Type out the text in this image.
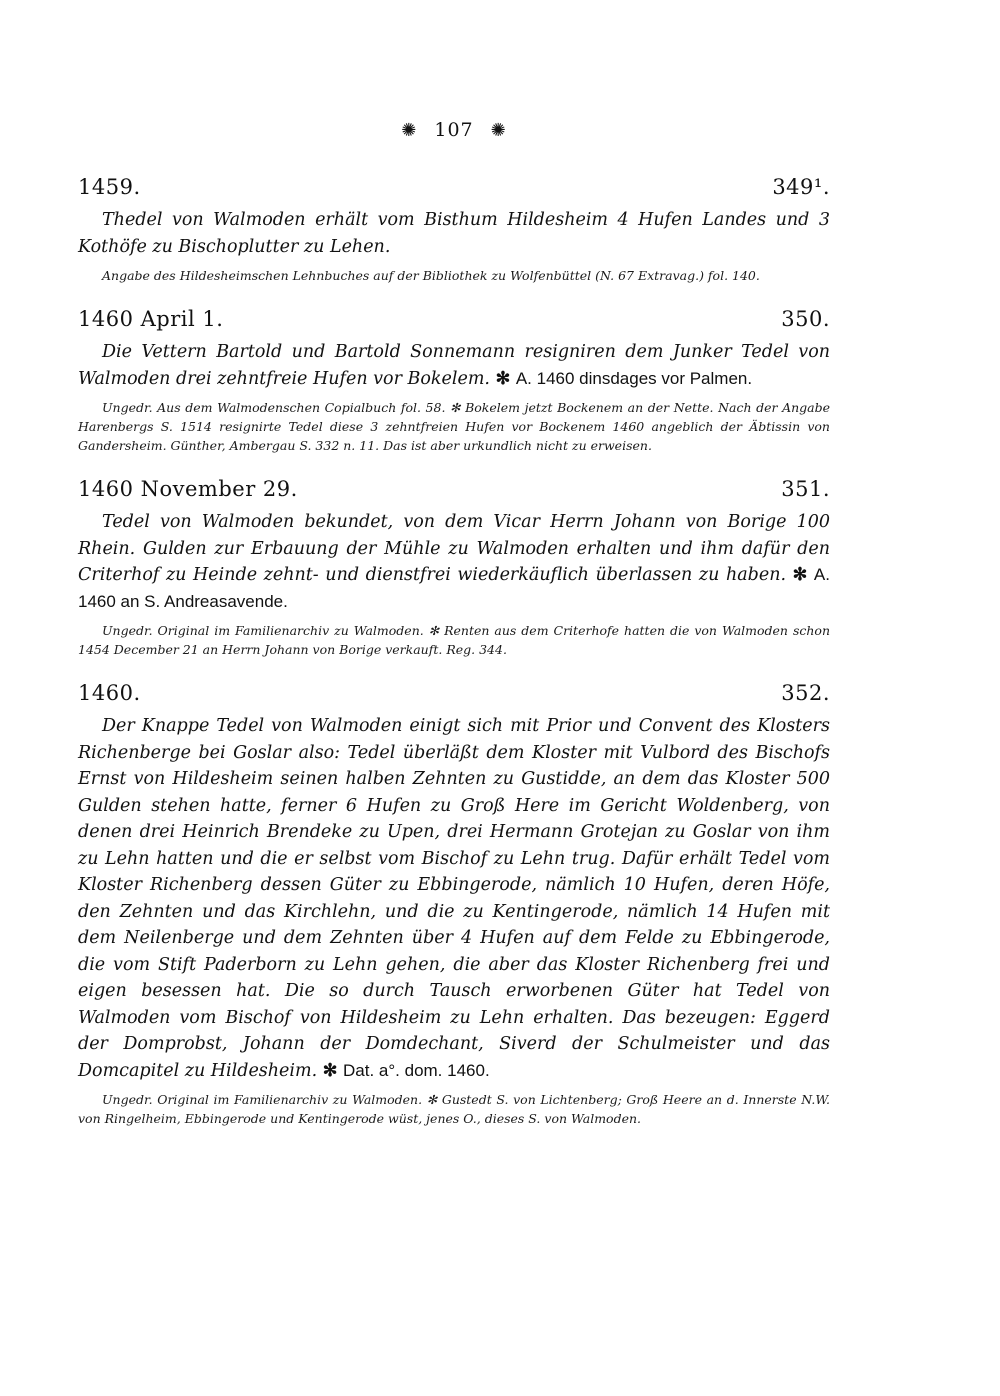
✺ 107 ✺
1459.	349¹.

Thedel von Walmoden erhält vom Bisthum Hildesheim 4 Hufen Landes und 3 Kothöfe zu Bischoplutter zu Lehen.

Angabe des Hildesheimschen Lehnbuches auf der Bibliothek zu Wolfenbüttel (N. 67 Extravag.) fol. 140.

1460 April 1.	350.

Die Vettern Bartold und Bartold Sonnemann resigniren dem Junker Tedel von Walmoden drei zehntfreie Hufen vor Bokelem. ✻ A. 1460 dinsdages vor Palmen.

Ungedr. Aus dem Walmodenschen Copialbuch fol. 58. ✻ Bokelem jetzt Bockenem an der Nette. Nach der Angabe Harenbergs S. 1514 resignirte Tedel diese 3 zehntfreien Hufen vor Bockenem 1460 angeblich der Äbtissin von Gandersheim. Günther, Ambergau S. 332 n. 11. Das ist aber urkundlich nicht zu erweisen.

1460 November 29.	351.

Tedel von Walmoden bekundet, von dem Vicar Herrn Johann von Borige 100 Rhein. Gulden zur Erbauung der Mühle zu Walmoden erhalten und ihm dafür den Criterhof zu Heinde zehnt- und dienstfrei wiederkäuflich überlassen zu haben. ✻ A. 1460 an S. Andreasavende.

Ungedr. Original im Familienarchiv zu Walmoden. ✻ Renten aus dem Criterhofe hatten die von Walmoden schon 1454 December 21 an Herrn Johann von Borige verkauft. Reg. 344.

1460.	352.

Der Knappe Tedel von Walmoden einigt sich mit Prior und Convent des Klosters Richenberge bei Goslar also: Tedel überläßt dem Kloster mit Vulbord des Bischofs Ernst von Hildesheim seinen halben Zehnten zu Gustidde, an dem das Kloster 500 Gulden stehen hatte, ferner 6 Hufen zu Groß Here im Gericht Woldenberg, von denen drei Heinrich Brendeke zu Upen, drei Hermann Grotejan zu Goslar von ihm zu Lehn hatten und die er selbst vom Bischof zu Lehn trug. Dafür erhält Tedel vom Kloster Richenberg dessen Güter zu Ebbingerode, nämlich 10 Hufen, deren Höfe, den Zehnten und das Kirchlehn, und die zu Kentingerode, nämlich 14 Hufen mit dem Neilenberge und dem Zehnten über 4 Hufen auf dem Felde zu Ebbingerode, die vom Stift Paderborn zu Lehn gehen, die aber das Kloster Richenberg frei und eigen besessen hat. Die so durch Tausch erworbenen Güter hat Tedel von Walmoden vom Bischof von Hildesheim zu Lehn erhalten. Das bezeugen: Eggerd der Domprobst, Johann der Domdechant, Siverd der Schulmeister und das Domcapitel zu Hildesheim. ✻ Dat. a°. dom. 1460.

Ungedr. Original im Familienarchiv zu Walmoden. ✻ Gustedt S. von Lichtenberg; Groß Heere an d. Innerste N.W. von Ringelheim, Ebbingerode und Kentingerode wüst, jenes O., dieses S. von Walmoden.
